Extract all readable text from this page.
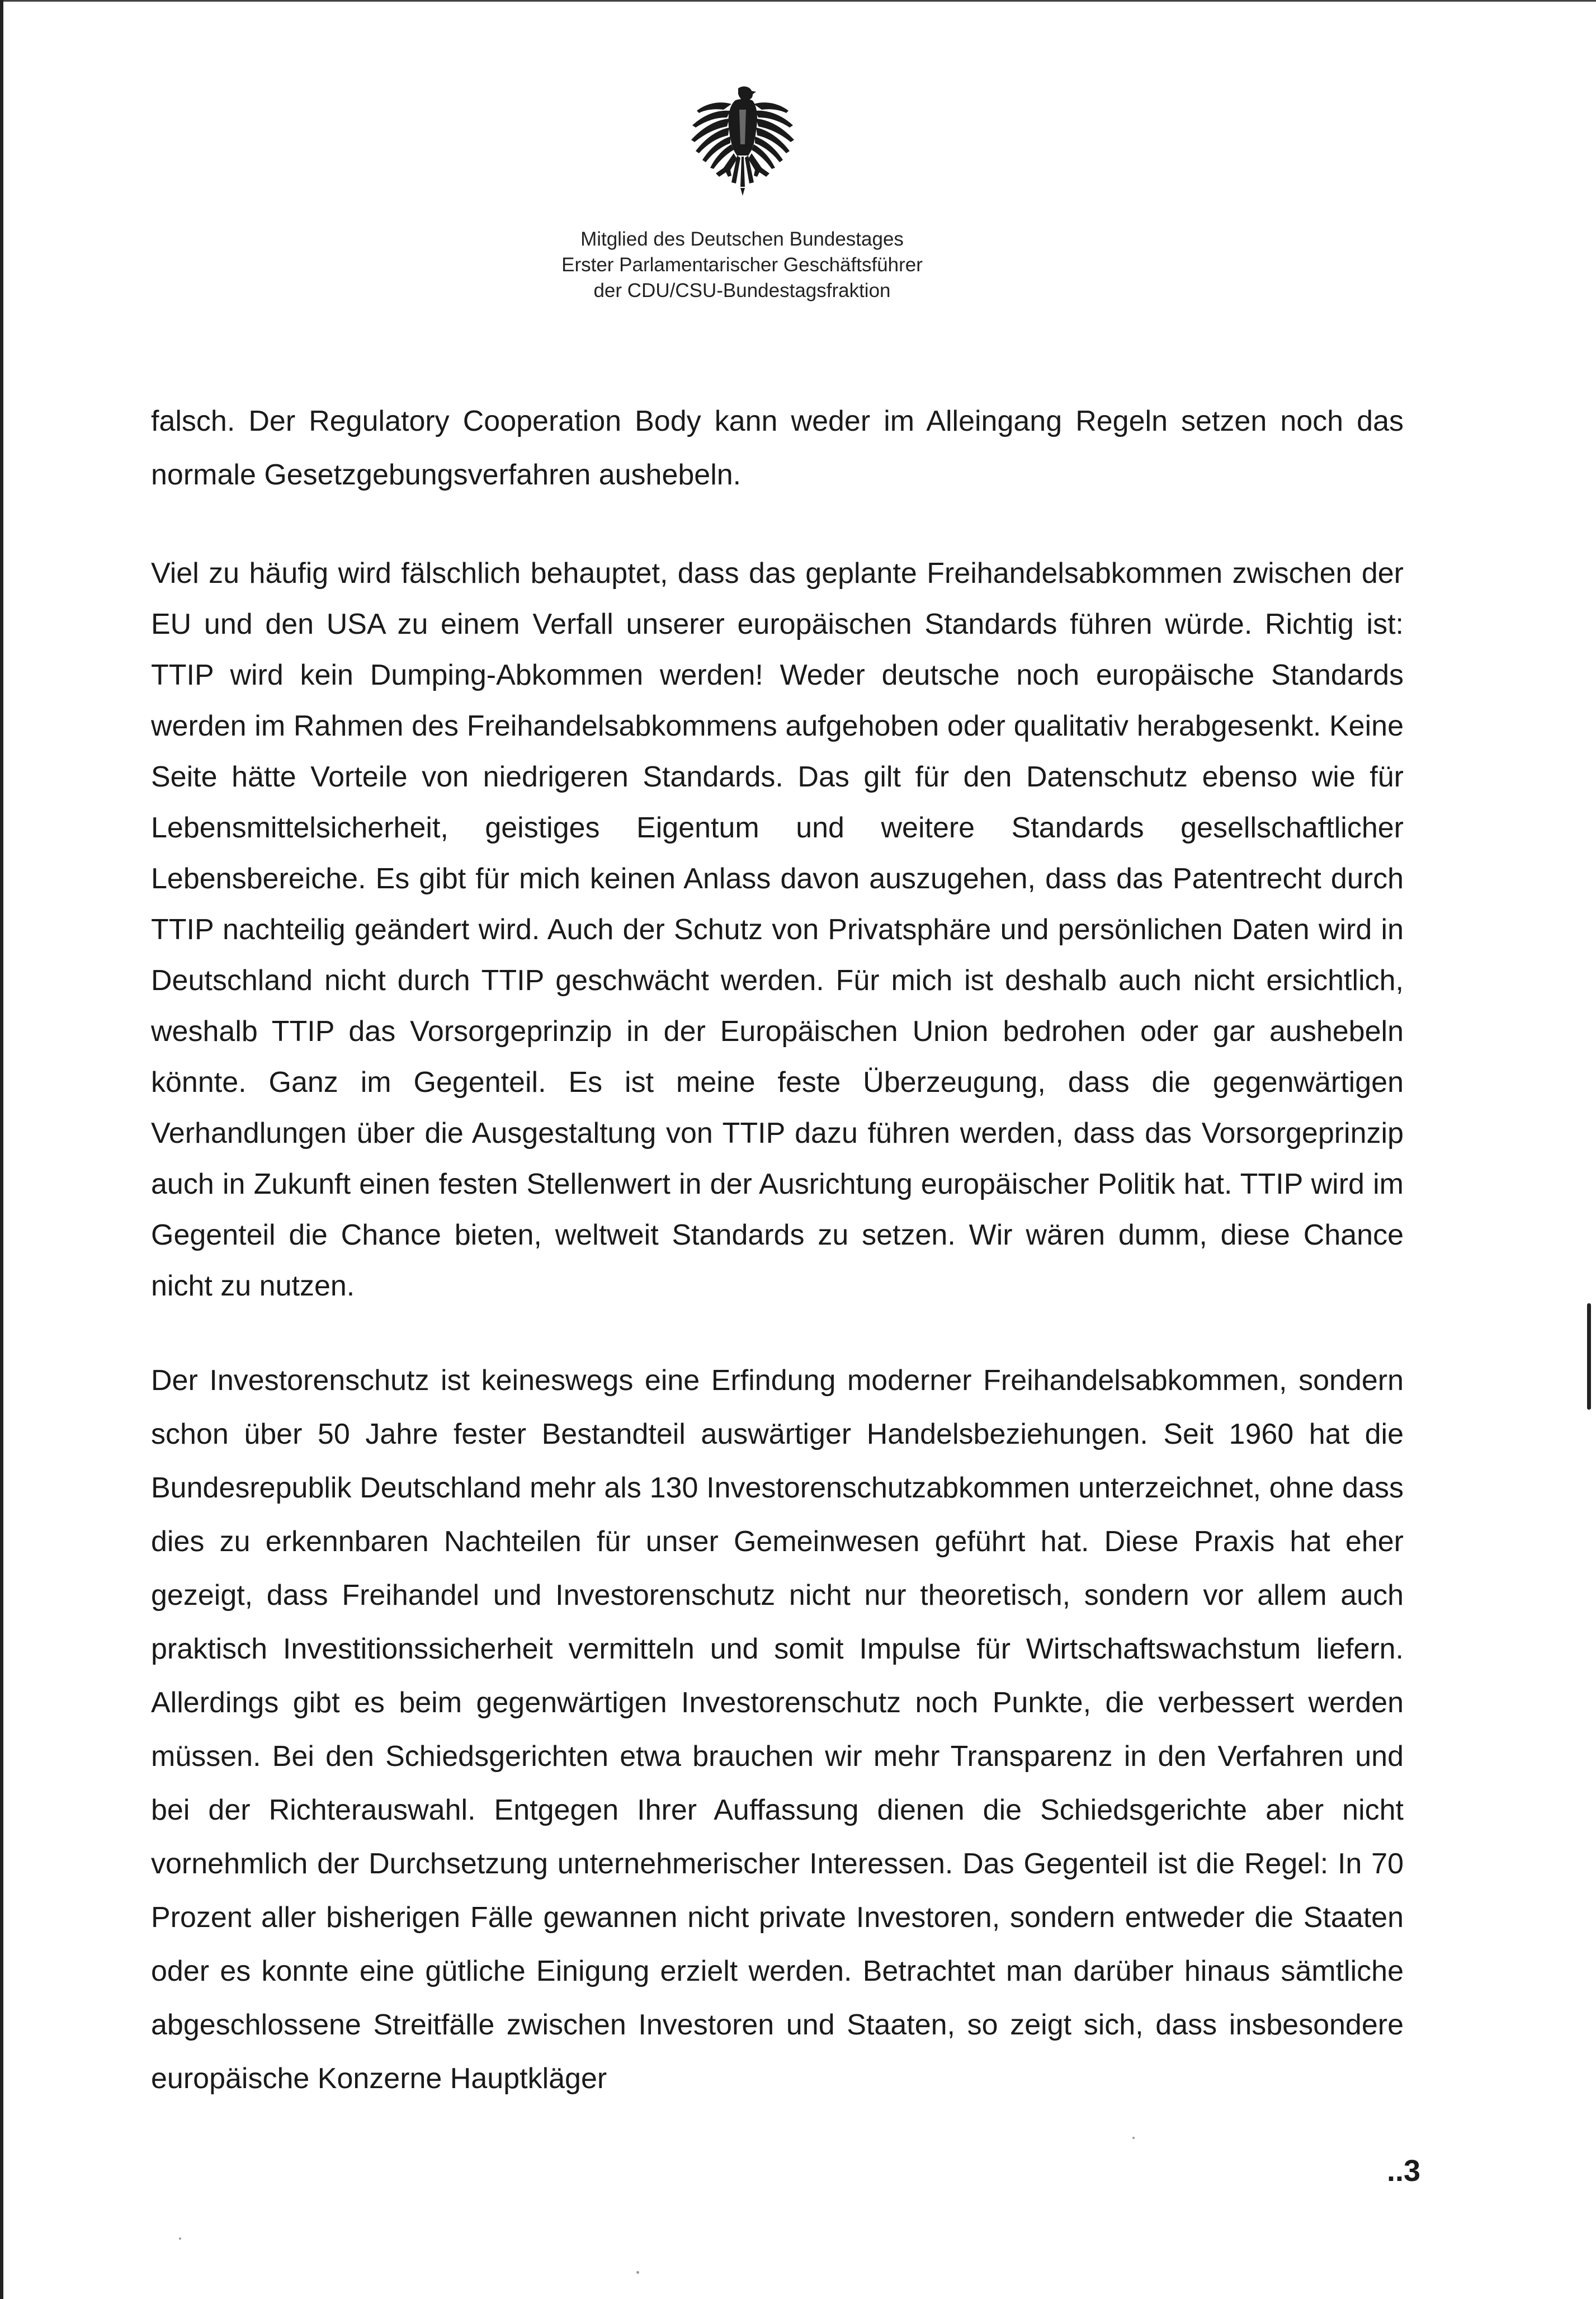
Mitglied des Deutschen Bundestages
Erster Parlamentarischer Geschäftsführer
der CDU/CSU-Bundestagsfraktion

falsch. Der Regulatory Cooperation Body kann weder im Alleingang Regeln setzen noch das normale Gesetzgebungsverfahren aushebeln.

Viel zu häufig wird fälschlich behauptet, dass das geplante Freihandelsabkommen zwischen der EU und den USA zu einem Verfall unserer europäischen Standards führen würde. Richtig ist: TTIP wird kein Dumping-Abkommen werden! Weder deutsche noch europäische Standards werden im Rahmen des Freihandelsabkommens aufgehoben oder qualitativ herabgesenkt. Keine Seite hätte Vorteile von niedrigeren Standards. Das gilt für den Datenschutz ebenso wie für Lebensmittelsicherheit, geistiges Eigentum und weitere Standards gesellschaftlicher Lebensbereiche. Es gibt für mich keinen Anlass davon auszugehen, dass das Patentrecht durch TTIP nachteilig geändert wird. Auch der Schutz von Privatsphäre und persönlichen Daten wird in Deutschland nicht durch TTIP geschwächt werden. Für mich ist deshalb auch nicht ersichtlich, weshalb TTIP das Vorsorgeprinzip in der Europäischen Union bedrohen oder gar aushebeln könnte. Ganz im Gegenteil. Es ist meine feste Überzeugung, dass die gegenwärtigen Verhandlungen über die Ausgestaltung von TTIP dazu führen werden, dass das Vorsorgeprinzip auch in Zukunft einen festen Stellenwert in der Ausrichtung europäischer Politik hat. TTIP wird im Gegenteil die Chance bieten, weltweit Standards zu setzen. Wir wären dumm, diese Chance nicht zu nutzen.

Der Investorenschutz ist keineswegs eine Erfindung moderner Freihandelsabkommen, sondern schon über 50 Jahre fester Bestandteil auswärtiger Handelsbeziehungen. Seit 1960 hat die Bundesrepublik Deutschland mehr als 130 Investorenschutzabkommen unterzeichnet, ohne dass dies zu erkennbaren Nachteilen für unser Gemeinwesen geführt hat. Diese Praxis hat eher gezeigt, dass Freihandel und Investorenschutz nicht nur theoretisch, sondern vor allem auch praktisch Investitionssicherheit vermitteln und somit Impulse für Wirtschaftswachstum liefern. Allerdings gibt es beim gegenwärtigen Investorenschutz noch Punkte, die verbessert werden müssen. Bei den Schiedsgerichten etwa brauchen wir mehr Transparenz in den Verfahren und bei der Richterauswahl. Entgegen Ihrer Auffassung dienen die Schiedsgerichte aber nicht vornehmlich der Durchsetzung unternehmerischer Interessen. Das Gegenteil ist die Regel: In 70 Prozent aller bisherigen Fälle gewannen nicht private Investoren, sondern entweder die Staaten oder es konnte eine gütliche Einigung erzielt werden. Betrachtet man darüber hinaus sämtliche abgeschlossene Streitfälle zwischen Investoren und Staaten, so zeigt sich, dass insbesondere europäische Konzerne Hauptkläger

..3
